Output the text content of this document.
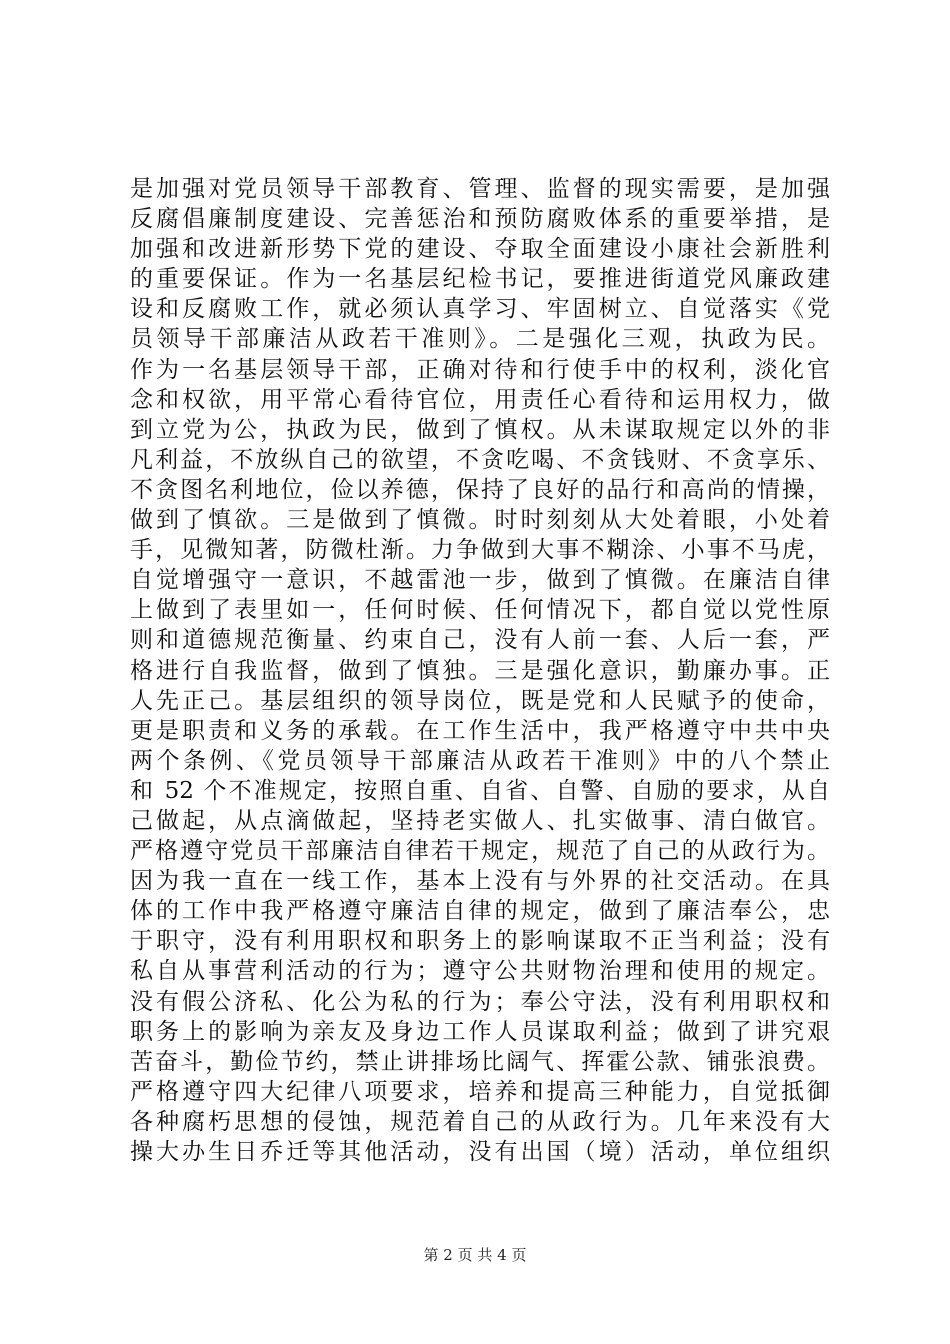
是加强对党员领导干部教育、管理、监督的现实需要，是加强
反腐倡廉制度建设、完善惩治和预防腐败体系的重要举措，是
加强和改进新形势下党的建设、夺取全面建设小康社会新胜利
的重要保证。作为一名基层纪检书记，要推进街道党风廉政建
设和反腐败工作，就必须认真学习、牢固树立、自觉落实《党
员领导干部廉洁从政若干准则》。二是强化三观，执政为民。
作为一名基层领导干部，正确对待和行使手中的权利，淡化官
念和权欲，用平常心看待官位，用责任心看待和运用权力，做
到立党为公，执政为民，做到了慎权。从未谋取规定以外的非
凡利益，不放纵自己的欲望，不贪吃喝、不贪钱财、不贪享乐、
不贪图名利地位，俭以养德，保持了良好的品行和高尚的情操，
做到了慎欲。三是做到了慎微。时时刻刻从大处着眼，小处着
手，见微知著，防微杜渐。力争做到大事不糊涂、小事不马虎，
自觉增强守一意识，不越雷池一步，做到了慎微。在廉洁自律
上做到了表里如一，任何时候、任何情况下，都自觉以党性原
则和道德规范衡量、约束自己，没有人前一套、人后一套，严
格进行自我监督，做到了慎独。三是强化意识，勤廉办事。正
人先正己。基层组织的领导岗位，既是党和人民赋予的使命，
更是职责和义务的承载。在工作生活中，我严格遵守中共中央
两个条例、《党员领导干部廉洁从政若干准则》中的八个禁止
和 52 个不准规定，按照自重、自省、自警、自励的要求，从自
己做起，从点滴做起，坚持老实做人、扎实做事、清白做官。
严格遵守党员干部廉洁自律若干规定，规范了自己的从政行为。
因为我一直在一线工作，基本上没有与外界的社交活动。在具
体的工作中我严格遵守廉洁自律的规定，做到了廉洁奉公，忠
于职守，没有利用职权和职务上的影响谋取不正当利益；没有
私自从事营利活动的行为；遵守公共财物治理和使用的规定。
没有假公济私、化公为私的行为；奉公守法，没有利用职权和
职务上的影响为亲友及身边工作人员谋取利益；做到了讲究艰
苦奋斗，勤俭节约，禁止讲排场比阔气、挥霍公款、铺张浪费。
严格遵守四大纪律八项要求，培养和提高三种能力，自觉抵御
各种腐朽思想的侵蚀，规范着自己的从政行为。几年来没有大
操大办生日乔迁等其他活动，没有出国（境）活动，单位组织
第 2 页 共 4 页
